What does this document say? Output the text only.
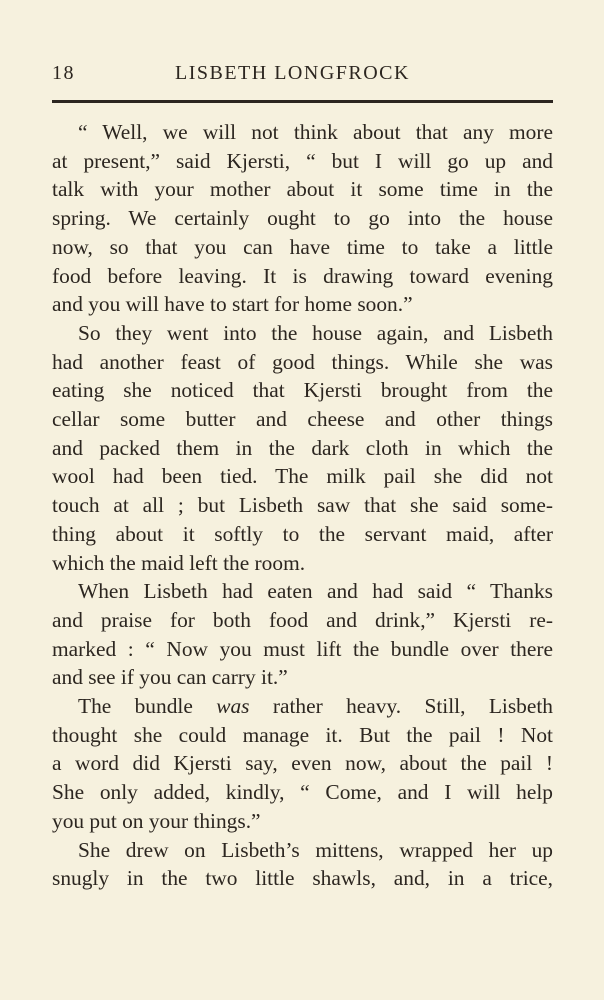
18	LISBETH LONGFROCK

“ Well, we will not think about that any more
at present,” said Kjersti, “ but I will go up and
talk with your mother about it some time in the
spring. We certainly ought to go into the house
now, so that you can have time to take a little
food before leaving. It is drawing toward evening
and you will have to start for home soon.”

So they went into the house again, and Lisbeth
had another feast of good things. While she was
eating she noticed that Kjersti brought from the
cellar some butter and cheese and other things
and packed them in the dark cloth in which the
wool had been tied. The milk pail she did not
touch at all ; but Lisbeth saw that she said some-
thing about it softly to the servant maid, after
which the maid left the room.

When Lisbeth had eaten and had said “ Thanks
and praise for both food and drink,” Kjersti re-
marked : “ Now you must lift the bundle over there
and see if you can carry it.”

The bundle was rather heavy. Still, Lisbeth
thought she could manage it. But the pail ! Not
a word did Kjersti say, even now, about the pail !
She only added, kindly, “ Come, and I will help
you put on your things.”

She drew on Lisbeth’s mittens, wrapped her up
snugly in the two little shawls, and, in a trice,
